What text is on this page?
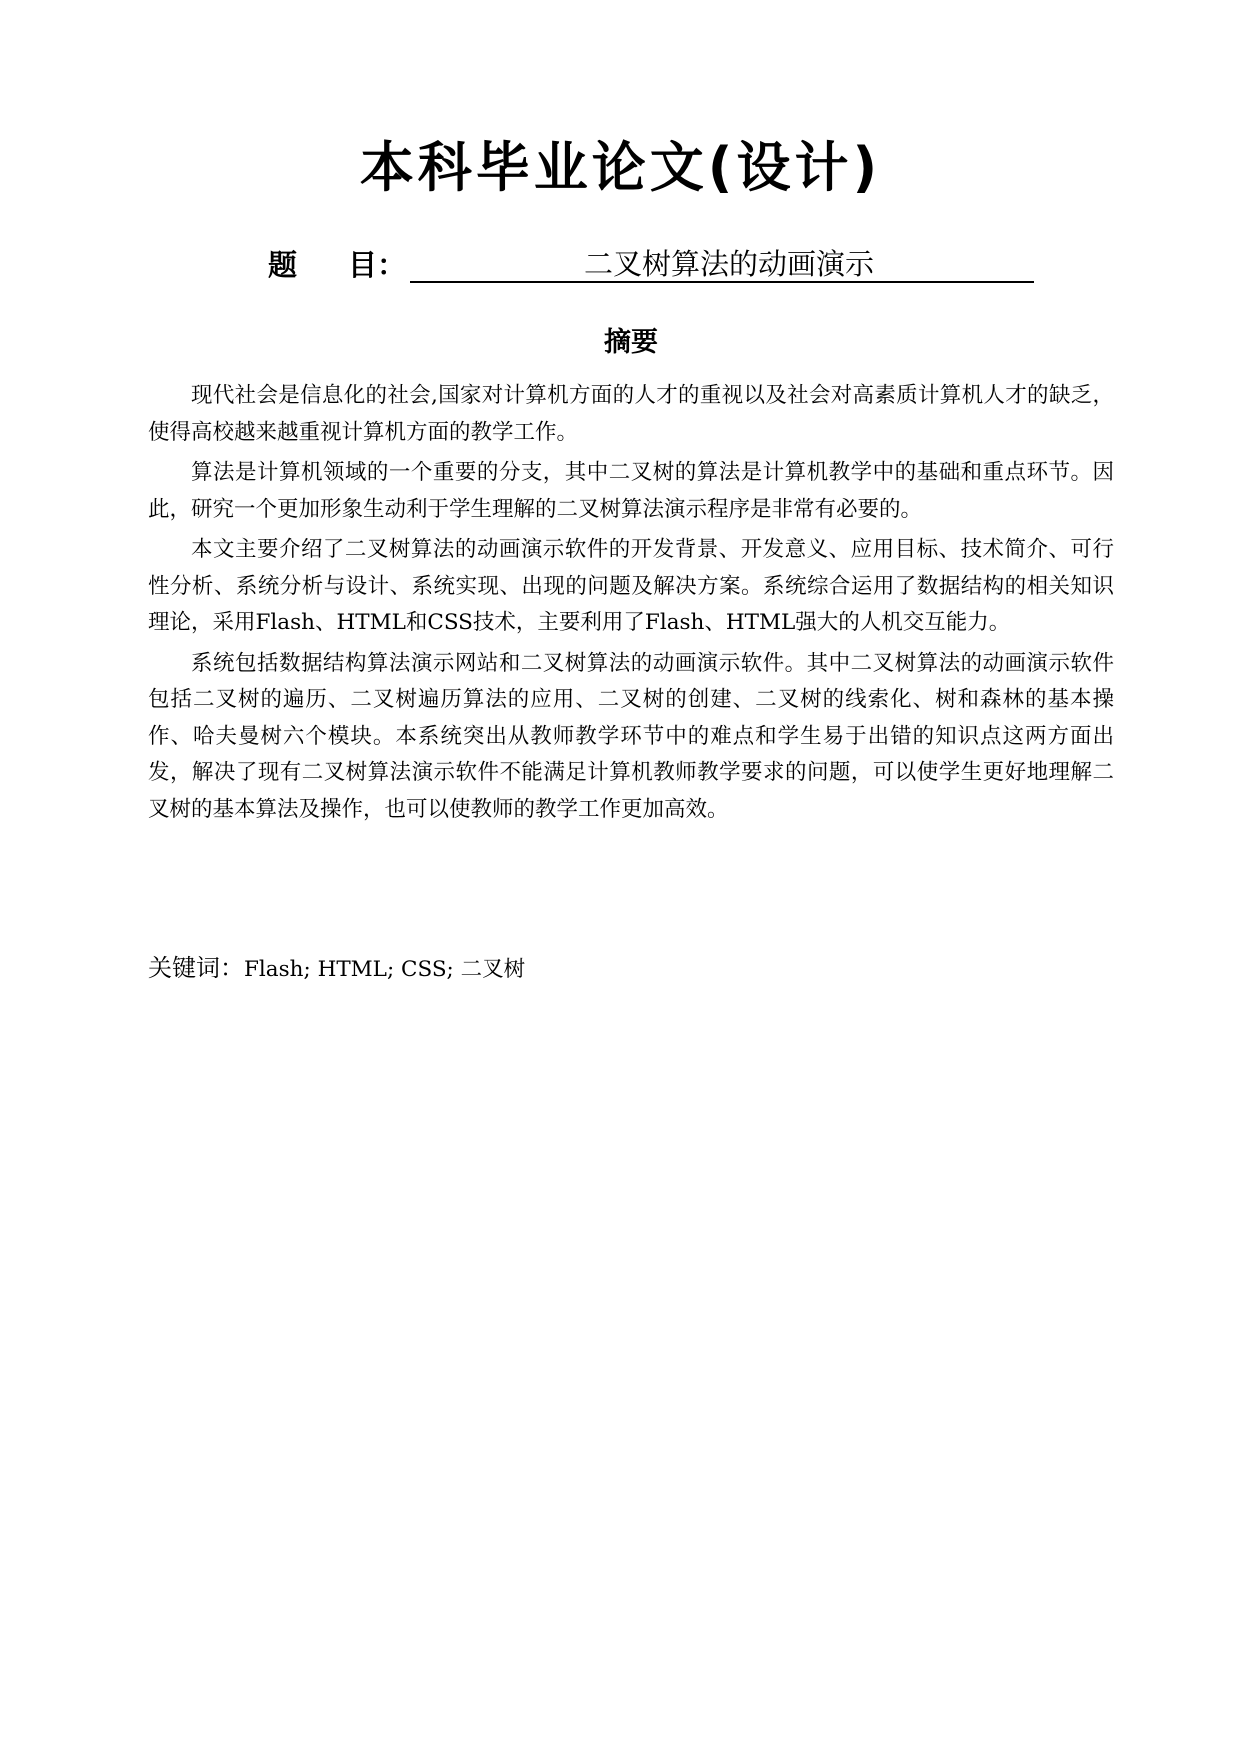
本科毕业论文(设计)
题	目：	二叉树算法的动画演示
摘要

现代社会是信息化的社会,国家对计算机方面的人才的重视以及社会对高素质计算机人才的缺乏，使得高校越来越重视计算机方面的教学工作。

算法是计算机领域的一个重要的分支，其中二叉树的算法是计算机教学中的基础和重点环节。因此，研究一个更加形象生动利于学生理解的二叉树算法演示程序是非常有必要的。

本文主要介绍了二叉树算法的动画演示软件的开发背景、开发意义、应用目标、技术简介、可行性分析、系统分析与设计、系统实现、出现的问题及解决方案。系统综合运用了数据结构的相关知识理论，采用Flash、HTML和CSS技术，主要利用了Flash、HTML强大的人机交互能力。

系统包括数据结构算法演示网站和二叉树算法的动画演示软件。其中二叉树算法的动画演示软件包括二叉树的遍历、二叉树遍历算法的应用、二叉树的创建、二叉树的线索化、树和森林的基本操作、哈夫曼树六个模块。本系统突出从教师教学环节中的难点和学生易于出错的知识点这两方面出发，解决了现有二叉树算法演示软件不能满足计算机教师教学要求的问题，可以使学生更好地理解二叉树的基本算法及操作，也可以使教师的教学工作更加高效。

关键词：Flash; HTML; CSS; 二叉树
